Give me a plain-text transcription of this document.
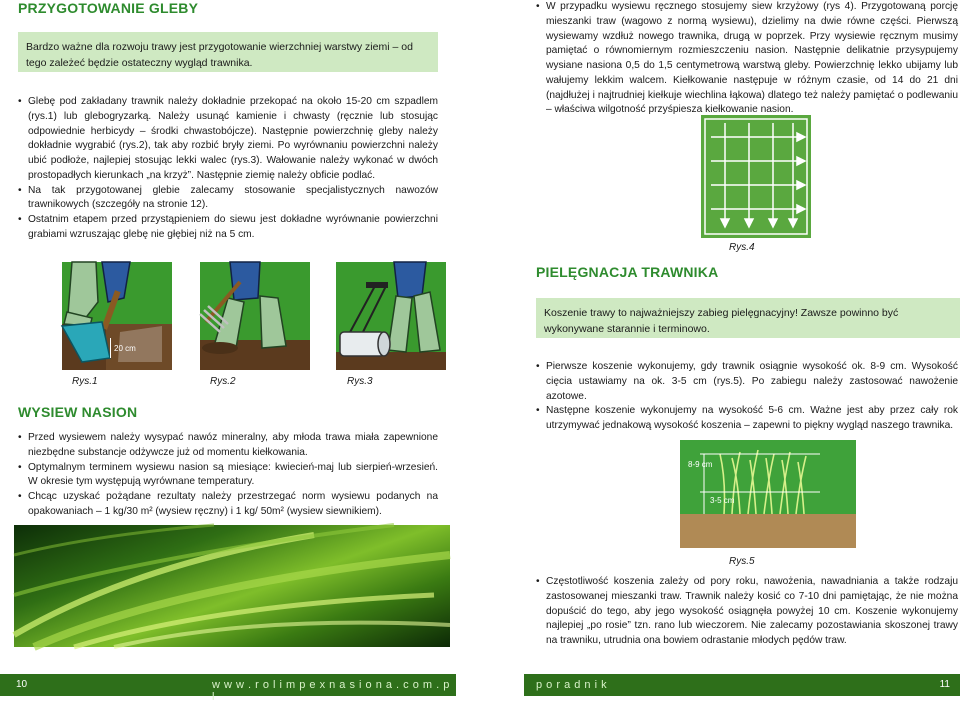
PRZYGOTOWANIE GLEBY
Bardzo ważne dla rozwoju trawy jest przygotowanie wierzchniej warstwy ziemi – od tego zależeć będzie ostateczny wygląd trawnika.
• Glebę pod zakładany trawnik należy dokładnie przekopać na około 15-20 cm szpadlem (rys.1) lub glebogryzarką. Należy usunąć kamienie i chwasty (ręcznie lub stosując odpowiednie herbicydy – środki chwastobójcze). Następnie powierzchnię gleby należy dokładnie wygrabić (rys.2), tak aby rozbić bryły ziemi. Po wyrównaniu powierzchni należy ubić podłoże, najlepiej stosując lekki walec (rys.3). Wałowanie należy wykonać w dwóch prostopadłych kierunkach „na krzyż”. Następnie ziemię należy obficie podlać.
• Na tak przygotowanej glebie zalecamy stosowanie specjalistycznych nawozów trawnikowych (szczegóły na stronie 12).
• Ostatnim etapem przed przystąpieniem do siewu jest dokładne wyrównanie powierzchni grabiami wzruszając glebę nie głębiej niż na 5 cm.
20 cm
Rys.1	Rys.2	Rys.3
WYSIEW NASION
• Przed wysiewem należy wysypać nawóz mineralny, aby młoda trawa miała zapewnione niezbędne substancje odżywcze już od momentu kiełkowania.
• Optymalnym terminem wysiewu nasion są miesiące: kwiecień-maj lub sierpień-wrzesień. W okresie tym występują wyrównane temperatury.
• Chcąc uzyskać pożądane rezultaty należy przestrzegać norm wysiewu podanych na opakowaniach – 1 kg/30 m² (wysiew ręczny) i 1 kg/ 50m² (wysiew siewnikiem).
10	w w w . r o l i m p e x n a s i o n a . c o m . p l
• W przypadku wysiewu ręcznego stosujemy siew krzyżowy (rys 4). Przygotowaną porcję mieszanki traw (wagowo z normą wysiewu), dzielimy na dwie równe części. Pierwszą wysiewamy wzdłuż nowego trawnika, drugą w poprzek. Przy wysiewie ręcznym musimy pamiętać o równomiernym rozmieszczeniu nasion. Następnie delikatnie przysypujemy wysiane nasiona 0,5 do 1,5 centymetrową warstwą gleby. Powierzchnię lekko ubijamy lub wałujemy lekkim walcem. Kiełkowanie następuje w różnym czasie, od 14 do 21 dni (najdłużej i najtrudniej kiełkuje wiechlina łąkowa) dlatego też należy pamiętać o podlewaniu – właściwa wilgotność przyśpiesza kiełkowanie nasion.
Rys.4
PIELĘGNACJA TRAWNIKA
Koszenie trawy to najważniejszy zabieg pielęgnacyjny! Zawsze powinno być wykonywane starannie i terminowo.
• Pierwsze koszenie wykonujemy, gdy trawnik osiągnie wysokość ok. 8-9 cm. Wysokość cięcia ustawiamy na ok. 3-5 cm (rys.5). Po zabiegu należy zastosować nawożenie azotowe.
• Następne koszenie wykonujemy na wysokość 5-6 cm. Ważne jest aby przez cały rok utrzymywać jednakową wysokość koszenia – zapewni to piękny wygląd naszego trawnika.
8-9 cm
3-5 cm
Rys.5
• Częstotliwość koszenia zależy od pory roku, nawożenia, nawadniania a także rodzaju zastosowanej mieszanki traw. Trawnik należy kosić co 7-10 dni pamiętając, że nie można dopuścić do tego, aby jego wysokość osiągnęła powyżej 10 cm. Koszenie wykonujemy najlepiej „po rosie” tzn. rano lub wieczorem. Nie zalecamy pozostawiania skoszonej trawy na trawniku, utrudnia ona bowiem odrastanie młodych pędów traw.
p o r a d n i k	11
